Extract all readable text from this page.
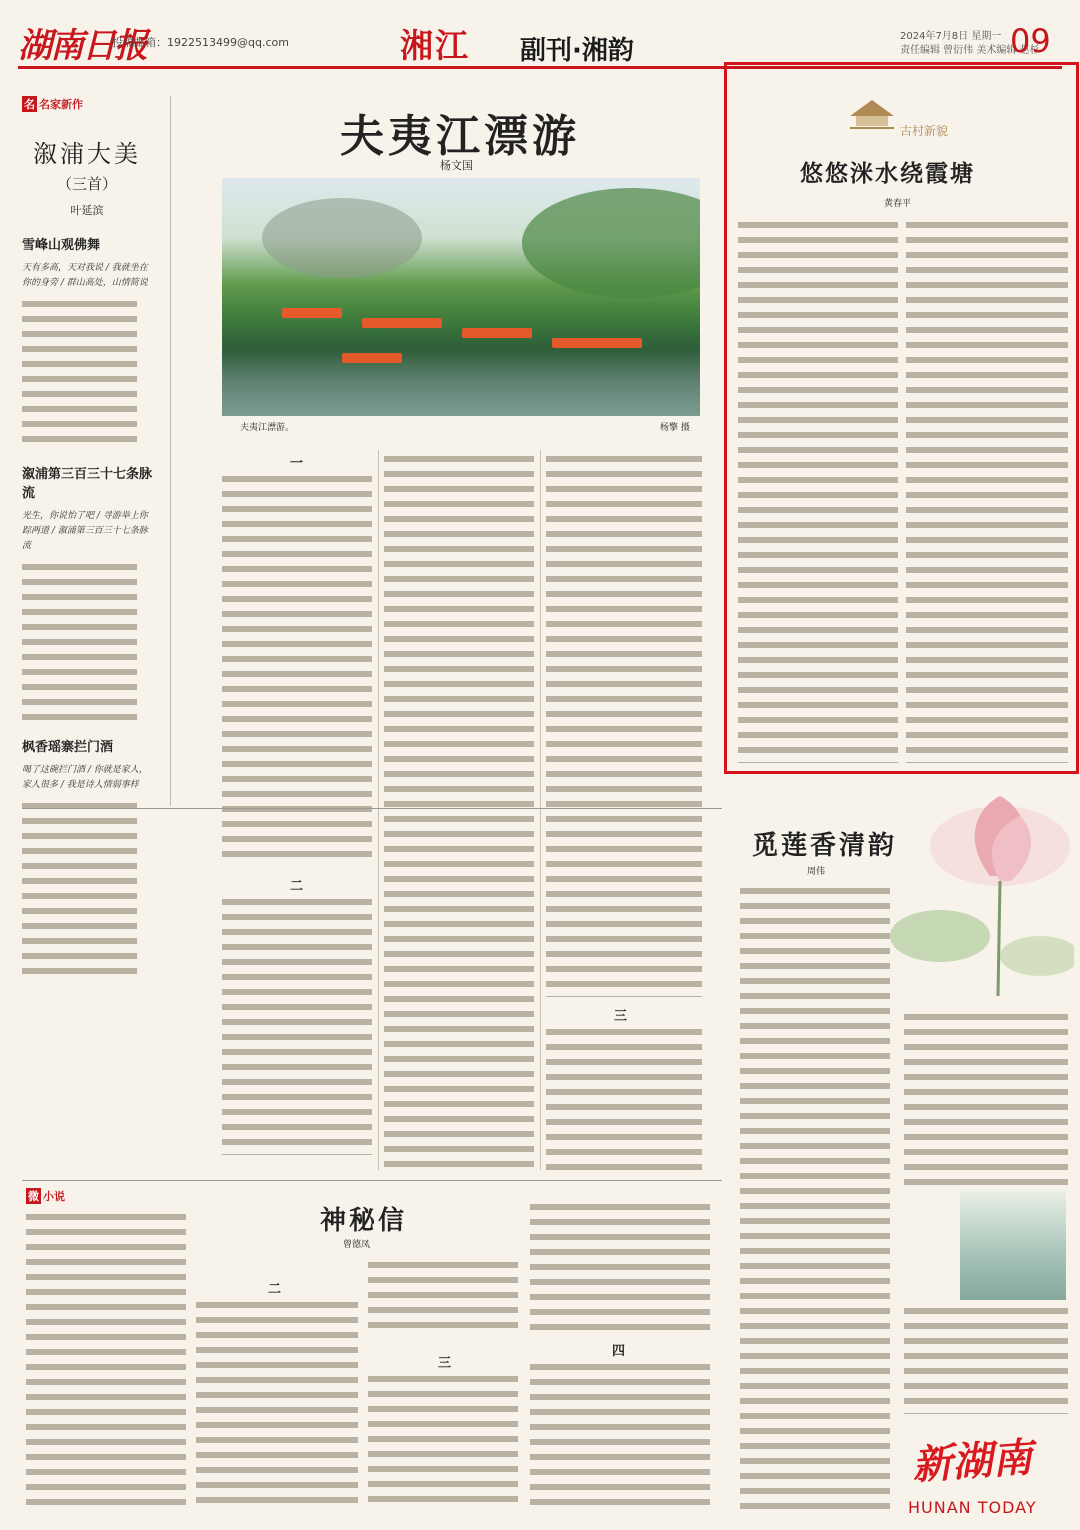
湖南日报
投稿邮箱：1922513499@qq.com	湘江 副刊·湘韵	2024年7月8日 星期一
责任编辑 曾衍伟 美术编辑 赵杉
09
名 名家新作
溆浦大美
（三首）
叶延滨
雪峰山观佛舞
天有多高，天对我说 / 我就坐在你的身旁 / 群山高处，山情简说
溆浦第三百三十七条脉流
光生，你说怡了吧 / 寻游举上你踪两道 / 溆浦第三百三十七条脉流
枫香瑶寨拦门酒
喝了这碗拦门酒 / 你就是家人，家人很多 / 我是诗人情弱事样
夫夷江漂游
杨文国
夫夷江漂游。	杨擎 摄
一
二
三
古村新貌
悠悠洣水绕霞塘
黄春平
觅莲香清韵
周伟
微 小说
神秘信
曾德凤
二
三
四
新湖南
HUNAN TODAY
